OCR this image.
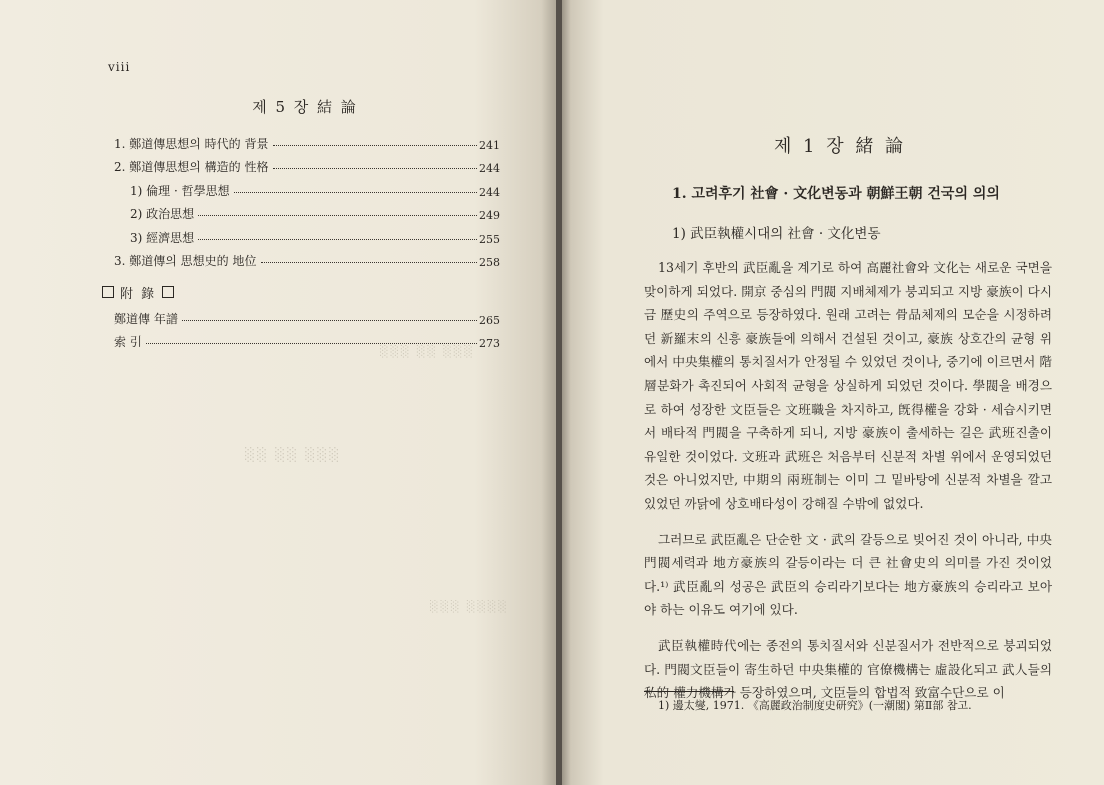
░░░ ░░ ░░░
░░ ░░ ░░░
░░░ ░░░░
viii
제 5 장 結 論
1. 鄭道傳思想의 時代的 背景	241
2. 鄭道傳思想의 構造的 性格	244
1) 倫理 · 哲學思想	244
2) 政治思想	249
3) 經濟思想	255
3. 鄭道傳의 思想史的 地位	258
附 錄
鄭道傳 年譜	265
索 引	273
제 1 장 緒 論
1. 고려후기 社會 · 文化변동과 朝鮮王朝 건국의 의의
1) 武臣執權시대의 社會 · 文化변동

13세기 후반의 武臣亂을 계기로 하여 高麗社會와 文化는 새로운 국면을 맞이하게 되었다. 開京 중심의 門閥 지배체제가 붕괴되고 지방 豪族이 다시금 歷史의 주역으로 등장하였다. 원래 고려는 骨品체제의 모순을 시정하려던 新羅末의 신흥 豪族들에 의해서 건설된 것이고, 豪族 상호간의 균형 위에서 中央集權의 통치질서가 안정될 수 있었던 것이나, 중기에 이르면서 階層분화가 촉진되어 사회적 균형을 상실하게 되었던 것이다. 學閥을 배경으로 하여 성장한 文臣들은 文班職을 차지하고, 旣得權을 강화 · 세습시키면서 배타적 門閥을 구축하게 되니, 지방 豪族이 출세하는 길은 武班진출이 유일한 것이었다. 文班과 武班은 처음부터 신분적 차별 위에서 운영되었던 것은 아니었지만, 中期의 兩班制는 이미 그 밑바탕에 신분적 차별을 깔고 있었던 까닭에 상호배타성이 강해질 수밖에 없었다.

그러므로 武臣亂은 단순한 文 · 武의 갈등으로 빚어진 것이 아니라, 中央門閥세력과 地方豪族의 갈등이라는 더 큰 社會史의 의미를 가진 것이었다.¹⁾ 武臣亂의 성공은 武臣의 승리라기보다는 地方豪族의 승리라고 보아야 하는 이유도 여기에 있다.

武臣執權時代에는 종전의 통치질서와 신분질서가 전반적으로 붕괴되었다. 門閥文臣들이 寄生하던 中央集權的 官僚機構는 虛設化되고 武人들의 私的 權力機構가 등장하였으며, 文臣들의 합법적 致富수단으로 이

1) 邊太燮, 1971. 《高麗政治制度史研究》(一潮閣) 第Ⅱ部 참고.
